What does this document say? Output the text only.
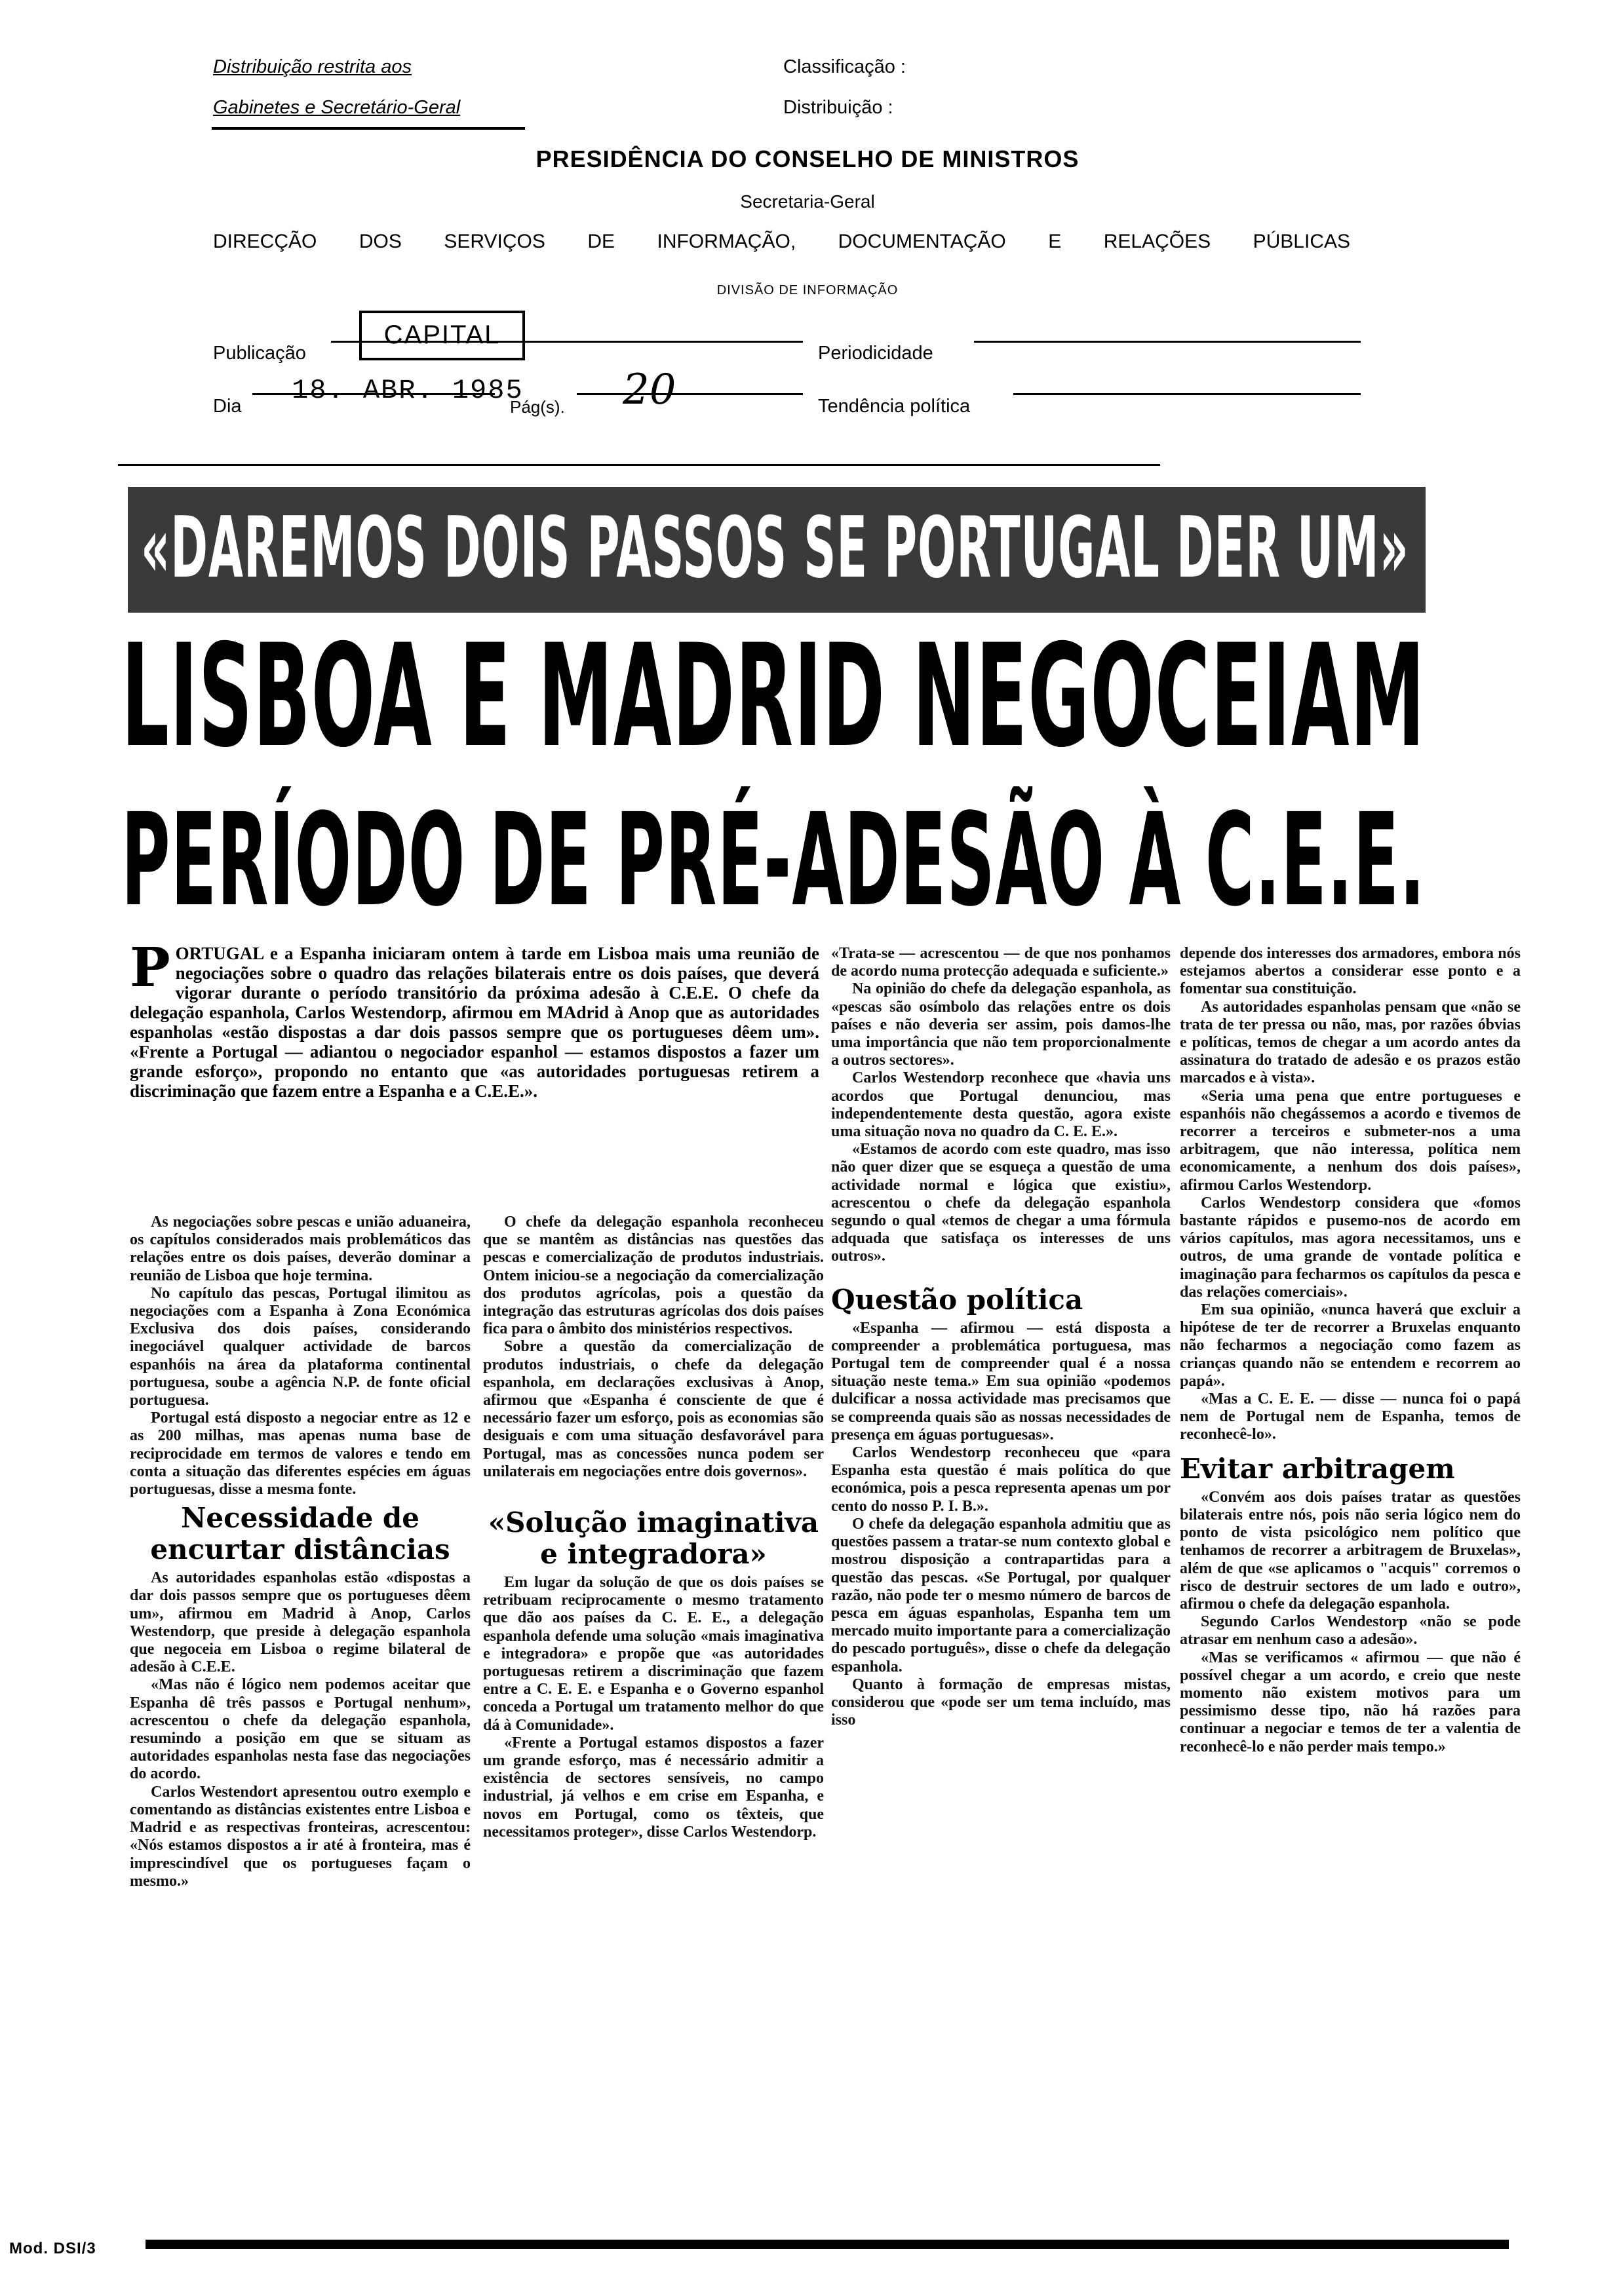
Distribuição restrita aos
Gabinetes e Secretário-Geral
Classificação :
Distribuição :
PRESIDÊNCIA DO CONSELHO DE MINISTROS
Secretaria-Geral
DIRECÇÃO DOS SERVIÇOS DE INFORMAÇÃO, DOCUMENTAÇÃO E RELAÇÕES PÚBLICAS
DIVISÃO DE INFORMAÇÃO
Publicação
CAPITAL
Periodicidade
Dia 18. ABR. 1985
Pág(s). 20	Tendência política
«DAREMOS DOIS PASSOS SE PORTUGAL DER UM»
LISBOA E MADRID NEGOCEIAM
PERÍODO DE PRÉ-ADESÃO À C.E.E.
PORTUGAL e a Espanha iniciaram ontem à tarde em Lisboa mais uma reunião de negociações sobre o quadro das relações bilaterais entre os dois países, que deverá vigorar durante o período transitório da próxima adesão à C.E.E. O chefe da delegação espanhola, Carlos Westendorp, afirmou em MAdrid à Anop que as autoridades espanholas «estão dispostas a dar dois passos sempre que os portugueses dêem um». «Frente a Portugal — adiantou o negociador espanhol — estamos dispostos a fazer um grande esforço», propondo no entanto que «as autoridades portuguesas retirem a discriminação que fazem entre a Espanha e a C.E.E.».

As negociações sobre pescas e união aduaneira, os capítulos considerados mais problemáticos das relações entre os dois países, deverão dominar a reunião de Lisboa que hoje termina.

No capítulo das pescas, Portugal ilimitou as negociações com a Espanha à Zona Económica Exclusiva dos dois países, considerando inegociável qualquer actividade de barcos espanhóis na área da plataforma continental portuguesa, soube a agência N.P. de fonte oficial portuguesa.

Portugal está disposto a negociar entre as 12 e as 200 milhas, mas apenas numa base de reciprocidade em termos de valores e tendo em conta a situação das diferentes espécies em águas portuguesas, disse a mesma fonte.

Necessidade de encurtar distâncias

As autoridades espanholas estão «dispostas a dar dois passos sempre que os portugueses dêem um», afirmou em Madrid à Anop, Carlos Westendorp, que preside à delegação espanhola que negoceia em Lisboa o regime bilateral de adesão à C.E.E.

«Mas não é lógico nem podemos aceitar que Espanha dê três passos e Portugal nenhum», acrescentou o chefe da delegação espanhola, resumindo a posição em que se situam as autoridades espanholas nesta fase das negociações do acordo.

Carlos Westendort apresentou outro exemplo e comentando as distâncias existentes entre Lisboa e Madrid e as respectivas fronteiras, acrescentou: «Nós estamos dispostos a ir até à fronteira, mas é imprescindível que os portugueses façam o mesmo.»

O chefe da delegação espanhola reconheceu que se mantêm as distâncias nas questões das pescas e comercialização de produtos industriais. Ontem iniciou-se a negociação da comercialização dos produtos agrícolas, pois a questão da integração das estruturas agrícolas dos dois países fica para o âmbito dos ministérios respectivos.

Sobre a questão da comercialização de produtos industriais, o chefe da delegação espanhola, em declarações exclusivas à Anop, afirmou que «Espanha é consciente de que é necessário fazer um esforço, pois as economias são desiguais e com uma situação desfavorável para Portugal, mas as concessões nunca podem ser unilaterais em negociações entre dois governos».

«Solução imaginativa e integradora»

Em lugar da solução de que os dois países se retribuam reciprocamente o mesmo tratamento que dão aos países da C. E. E., a delegação espanhola defende uma solução «mais imaginativa e integradora» e propõe que «as autoridades portuguesas retirem a discriminação que fazem entre a C. E. E. e Espanha e o Governo espanhol conceda a Portugal um tratamento melhor do que dá à Comunidade».

«Frente a Portugal estamos dispostos a fazer um grande esforço, mas é necessário admitir a existência de sectores sensíveis, no campo industrial, já velhos e em crise em Espanha, e novos em Portugal, como os têxteis, que necessitamos proteger», disse Carlos Westendorp.

«Trata-se — acrescentou — de que nos ponhamos de acordo numa protecção adequada e suficiente.»

Na opinião do chefe da delegação espanhola, as «pescas são osímbolo das relações entre os dois países e não deveria ser assim, pois damos-lhe uma importância que não tem proporcionalmente a outros sectores».

Carlos Westendorp reconhece que «havia uns acordos que Portugal denunciou, mas independentemente desta questão, agora existe uma situação nova no quadro da C. E. E.».

«Estamos de acordo com este quadro, mas isso não quer dizer que se esqueça a questão de uma actividade normal e lógica que existiu», acrescentou o chefe da delegação espanhola segundo o qual «temos de chegar a uma fórmula adquada que satisfaça os interesses de uns outros».

Questão política

«Espanha — afirmou — está disposta a compreender a problemática portuguesa, mas Portugal tem de compreender qual é a nossa situação neste tema.» Em sua opinião «podemos dulcificar a nossa actividade mas precisamos que se compreenda quais são as nossas necessidades de presença em águas portuguesas».

Carlos Wendestorp reconheceu que «para Espanha esta questão é mais política do que económica, pois a pesca representa apenas um por cento do nosso P. I. B.».

O chefe da delegação espanhola admitiu que as questões passem a tratar-se num contexto global e mostrou disposição a contrapartidas para a questão das pescas. «Se Portugal, por qualquer razão, não pode ter o mesmo número de barcos de pesca em águas espanholas, Espanha tem um mercado muito importante para a comercialização do pescado português», disse o chefe da delegação espanhola.

Quanto à formação de empresas mistas, considerou que «pode ser um tema incluído, mas isso

depende dos interesses dos armadores, embora nós estejamos abertos a considerar esse ponto e a fomentar sua constituição.

As autoridades espanholas pensam que «não se trata de ter pressa ou não, mas, por razões óbvias e políticas, temos de chegar a um acordo antes da assinatura do tratado de adesão e os prazos estão marcados e à vista».

«Seria uma pena que entre portugueses e espanhóis não chegássemos a acordo e tivemos de recorrer a terceiros e submeter-nos a uma arbitragem, que não interessa, política nem economicamente, a nenhum dos dois países», afirmou Carlos Westendorp.

Carlos Wendestorp considera que «fomos bastante rápidos e pusemo-nos de acordo em vários capítulos, mas agora necessitamos, uns e outros, de uma grande de vontade política e imaginação para fecharmos os capítulos da pesca e das relações comerciais».

Em sua opinião, «nunca haverá que excluir a hipótese de ter de recorrer a Bruxelas enquanto não fecharmos a negociação como fazem as crianças quando não se entendem e recorrem ao papá».

«Mas a C. E. E. — disse — nunca foi o papá nem de Portugal nem de Espanha, temos de reconhecê-lo».

Evitar arbitragem

«Convém aos dois países tratar as questões bilaterais entre nós, pois não seria lógico nem do ponto de vista psicológico nem político que tenhamos de recorrer a arbitragem de Bruxelas», além de que «se aplicamos o "acquis" corremos o risco de destruir sectores de um lado e outro», afirmou o chefe da delegação espanhola.

Segundo Carlos Wendestorp «não se pode atrasar em nenhum caso a adesão».

«Mas se verificamos « afirmou — que não é possível chegar a um acordo, e creio que neste momento não existem motivos para um pessimismo desse tipo, não há razões para continuar a negociar e temos de ter a valentia de reconhecê-lo e não perder mais tempo.»

Mod. DSI/3
